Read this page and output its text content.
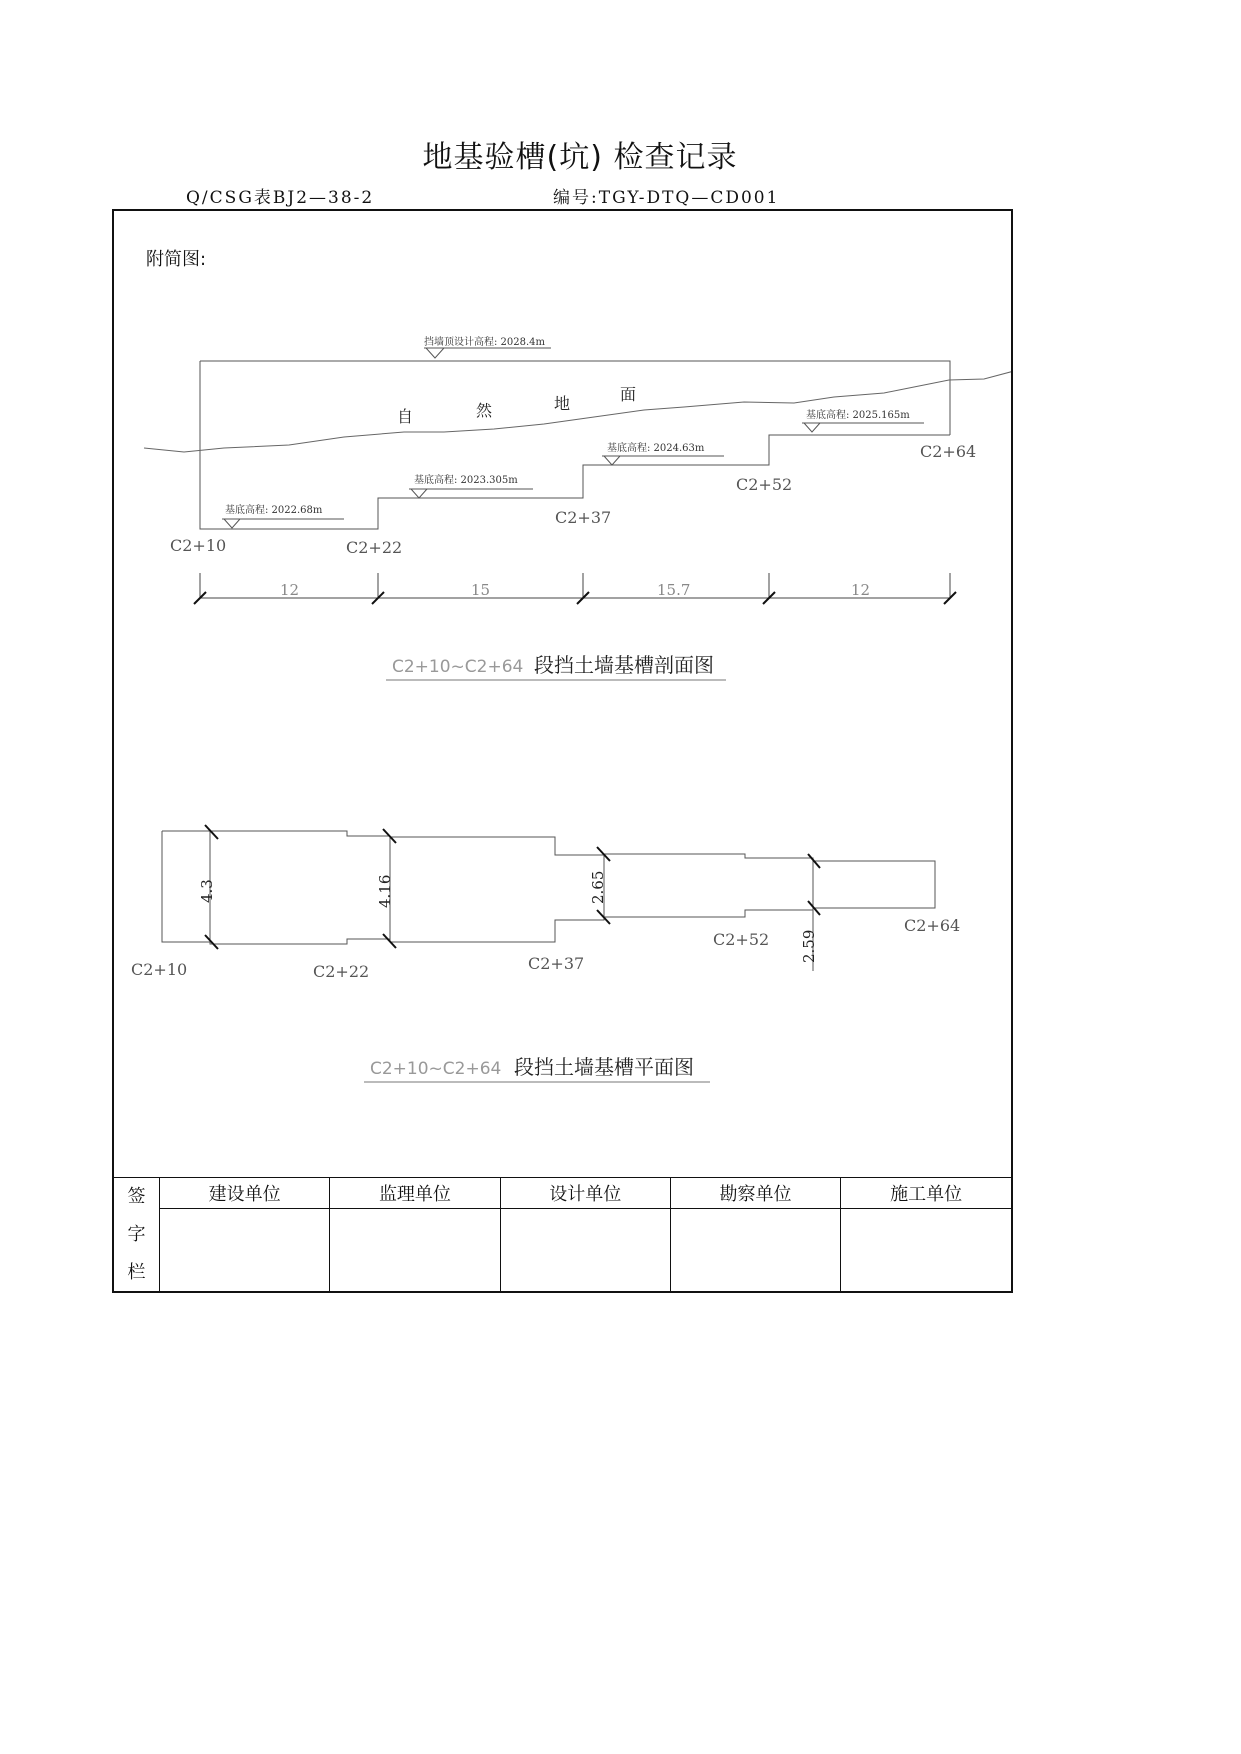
地基验槽(坑) 检查记录
Q/CSG表BJ2—38-2	编号:TGY-DTQ—CD001
附简图:
挡墙顶设计高程: 2028.4m
基底高程: 2022.68m
基底高程: 2023.305m
基底高程: 2024.63m
基底高程: 2025.165m
自	然	地	面
C2+10	C2+22
C2+37
C2+52
C2+64
12	15	15.7	12
C2+10~C2+64 段挡土墙基槽剖面图
4.3	4.16	2.65
2.59
C2+10	C2+22	C2+37
C2+52
C2+64
C2+10~C2+64 段挡土墙基槽平面图
签
字
栏	建设单位	监理单位	设计单位	勘察单位	施工单位
